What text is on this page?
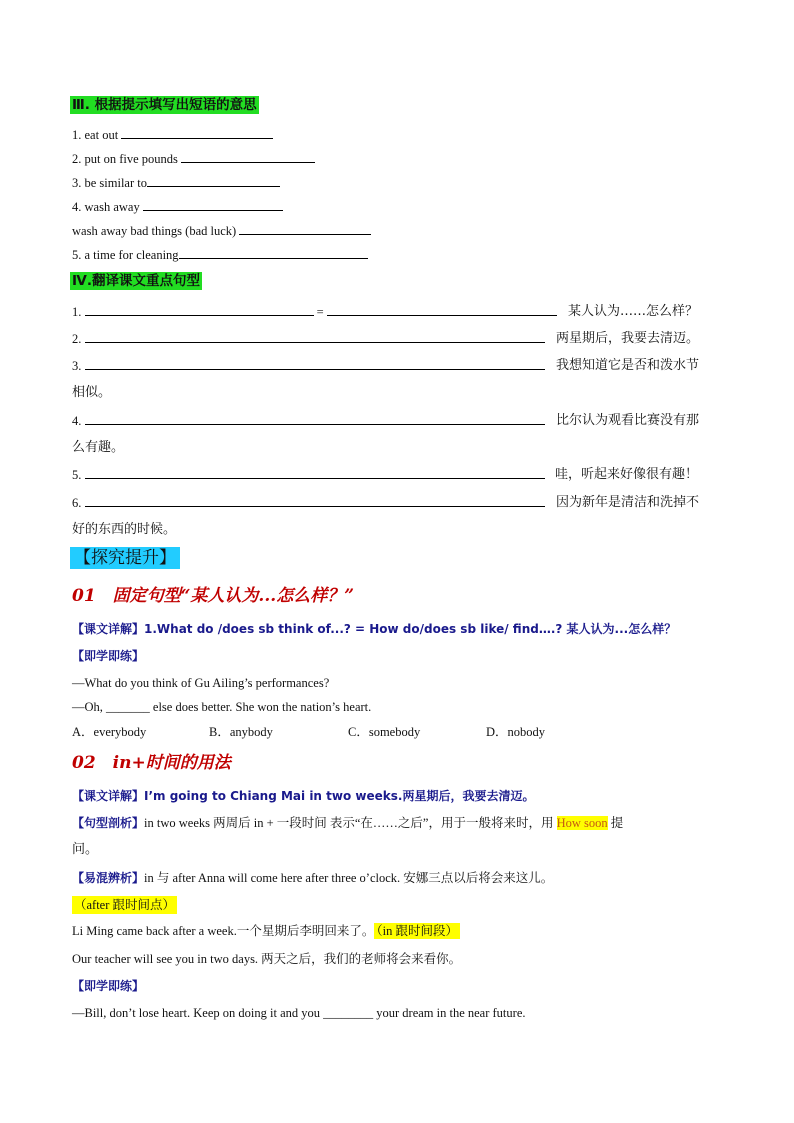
Ⅲ. 根据提示填写出短语的意思
1. eat out
2. put on five pounds
3. be similar to
4. wash away
wash away bad things (bad luck)
5. a time for cleaning
Ⅳ.翻译课文重点句型
1.	=	某人认为……怎么样？
2.	两星期后，我要去清迈。
3.	我想知道它是否和泼水节
相似。
4.	比尔认为观看比赛没有那
么有趣。
5.	哇，听起来好像很有趣！
6.	因为新年是清洁和洗掉不
好的东西的时候。
【探究提升】
01　固定句型“某人认为...怎么样？”
【课文详解】1.What do /does sb think of...? = How do/does sb like/ find….? 某人认为...怎么样？
【即学即练】
—What do you think of Gu Ailing’s performances?
—Oh, _______ else does better. She won the nation’s heart.
A．everybody	B．anybody	C．somebody	D．nobody
02　in+时间的用法
【课文详解】I’m going to Chiang Mai in two weeks.两星期后，我要去清迈。
【句型剖析】in two weeks 两周后 in + 一段时间 表示“在……之后”，用于一般将来时，用 How soon 提
问。
【易混辨析】in 与 after Anna will come here after three o’clock. 安娜三点以后将会来这儿。
（after 跟时间点）
Li Ming came back after a week.一个星期后李明回来了。 （in 跟时间段）
Our teacher will see you in two days. 两天之后，我们的老师将会来看你。
【即学即练】
—Bill, don’t lose heart. Keep on doing it and you ________ your dream in the near future.
